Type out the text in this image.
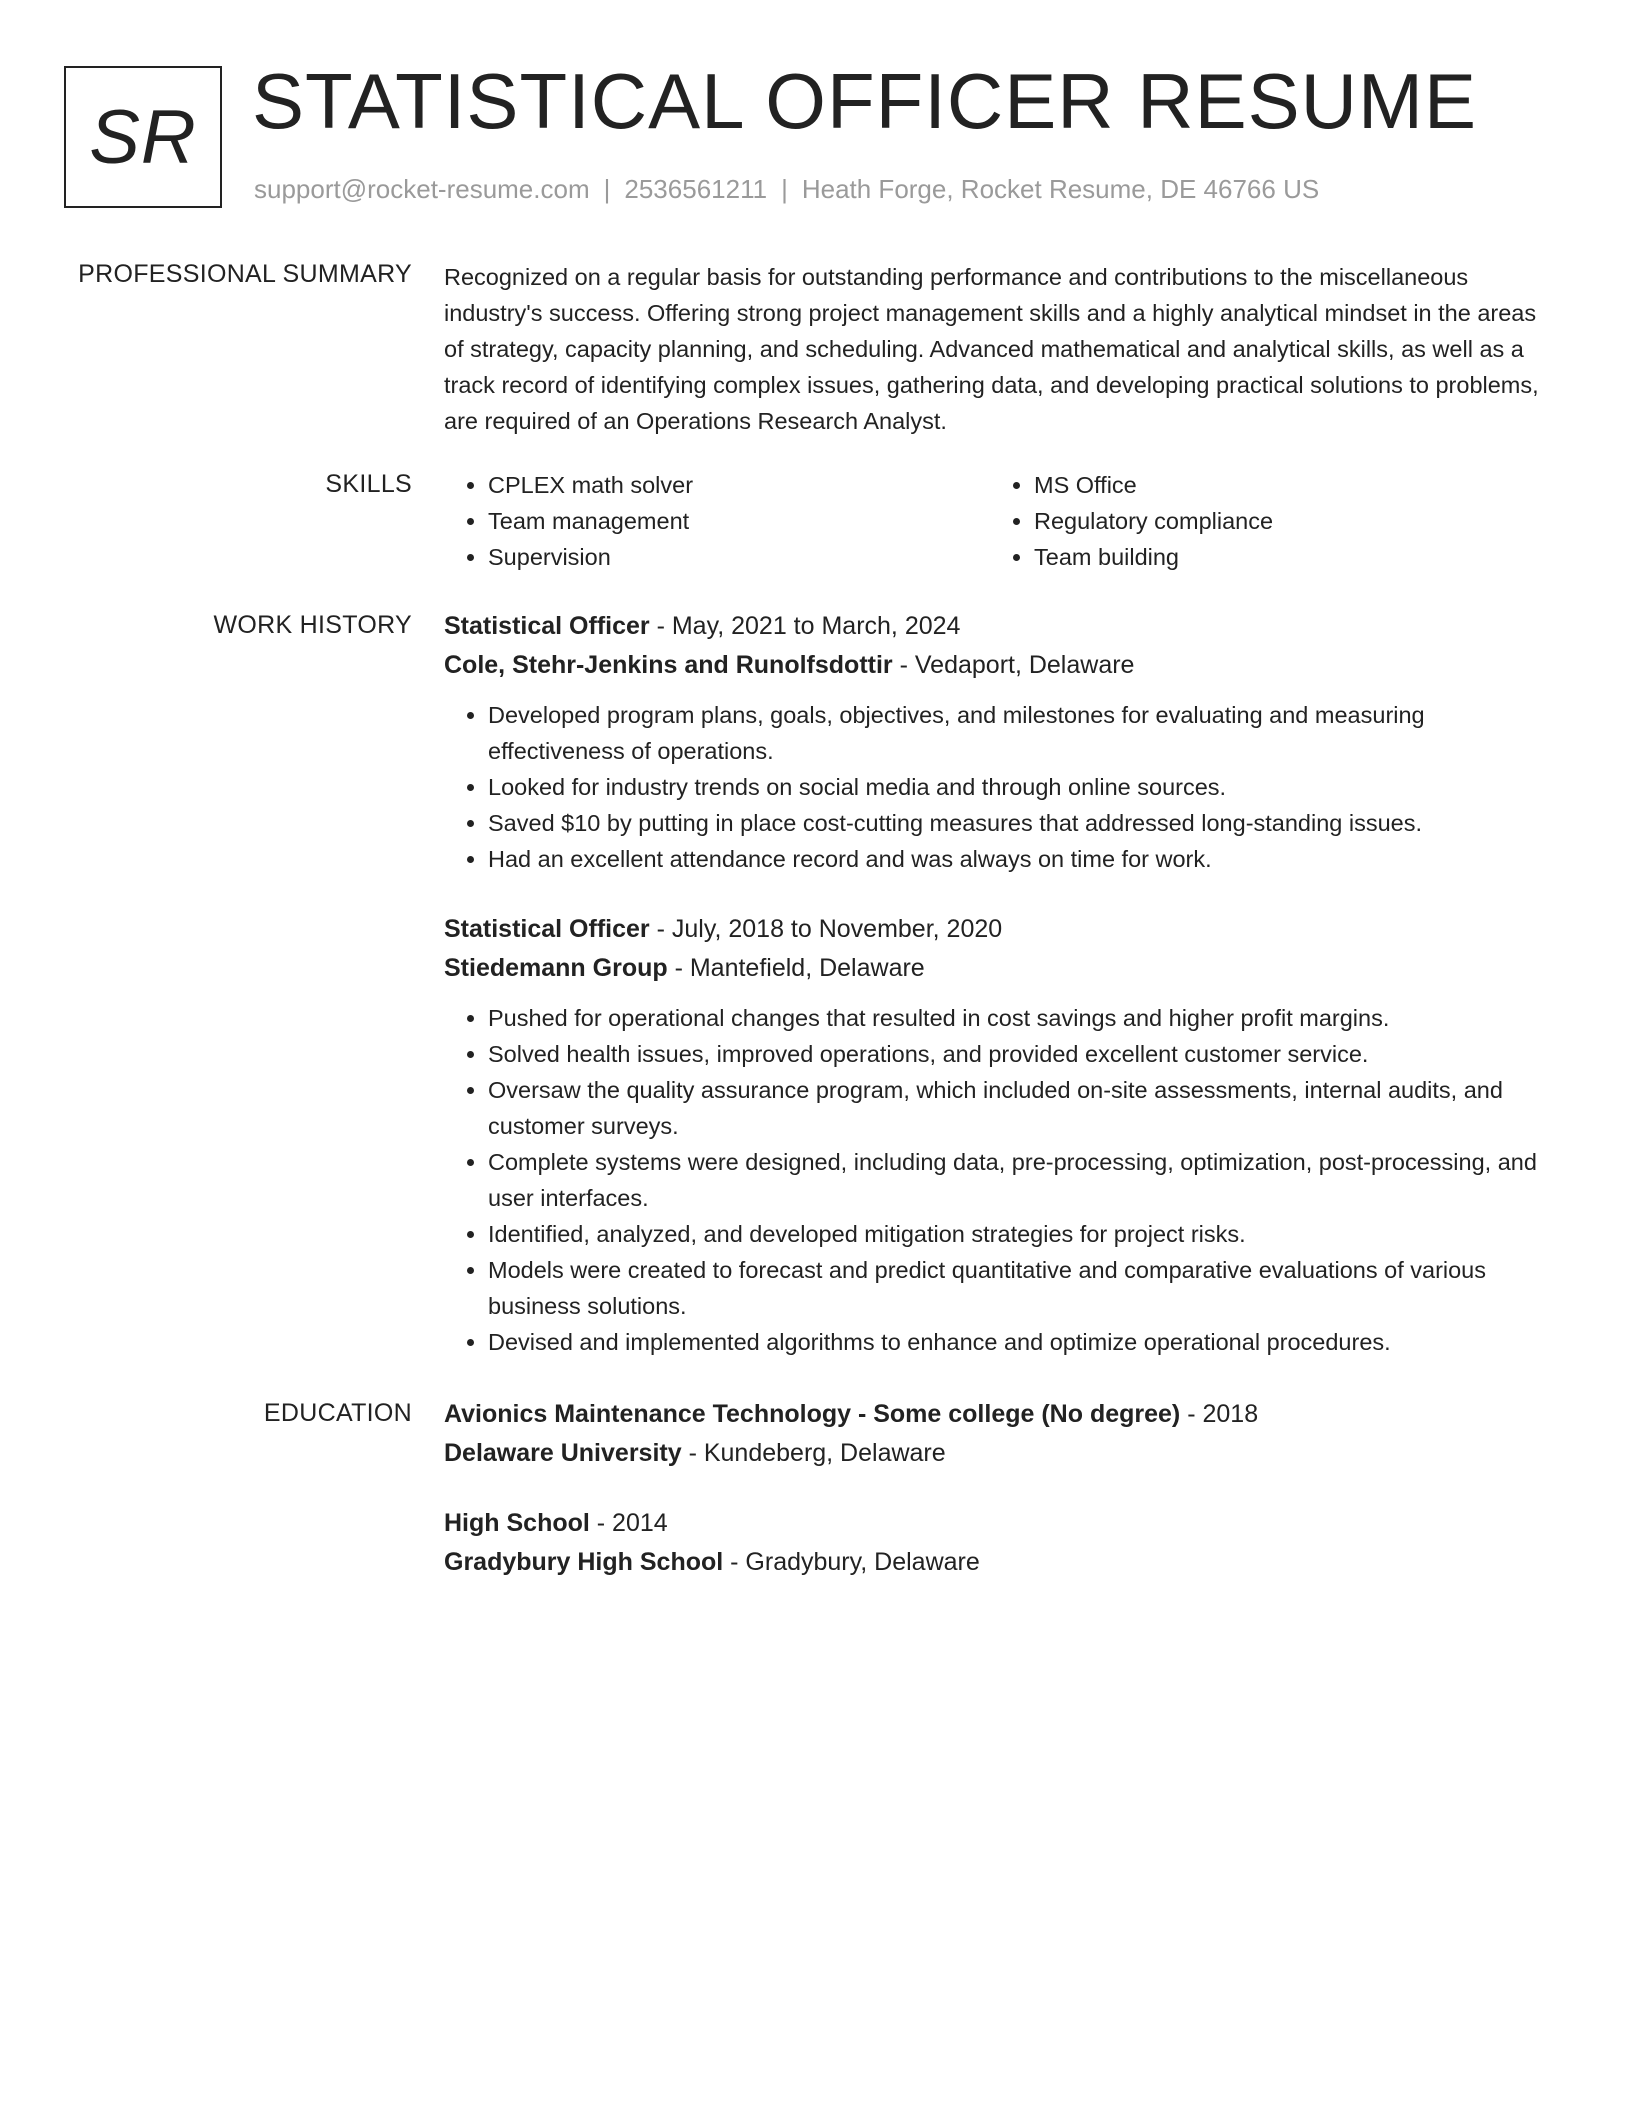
SR STATISTICAL OFFICER RESUME
support@rocket-resume.com | 2536561211 | Heath Forge, Rocket Resume, DE 46766 US
PROFESSIONAL SUMMARY Recognized on a regular basis for outstanding performance and contributions to the miscellaneous industry's success. Offering strong project management skills and a highly analytical mindset in the areas of strategy, capacity planning, and scheduling. Advanced mathematical and analytical skills, as well as a track record of identifying complex issues, gathering data, and developing practical solutions to problems, are required of an Operations Research Analyst.

SKILLS
•	CPLEX math solver
• Team management
• Supervision
• MS Office
• Regulatory compliance
• Team building
WORK HISTORY Statistical Officer - May, 2021 to March, 2024
Cole, Stehr-Jenkins and Runolfsdottir - Vedaport, Delaware
• Developed program plans, goals, objectives, and milestones for evaluating and measuring effectiveness of operations.
• Looked for industry trends on social media and through online sources.
• Saved $10 by putting in place cost-cutting measures that addressed long-standing issues.
• Had an excellent attendance record and was always on time for work.
Statistical Officer - July, 2018 to November, 2020
Stiedemann Group - Mantefield, Delaware
• Pushed for operational changes that resulted in cost savings and higher profit margins.
• Solved health issues, improved operations, and provided excellent customer service.
• Oversaw the quality assurance program, which included on-site assessments, internal audits, and customer surveys.
• Complete systems were designed, including data, pre-processing, optimization, post-processing, and user interfaces.
• Identified, analyzed, and developed mitigation strategies for project risks.
• Models were created to forecast and predict quantitative and comparative evaluations of various business solutions.
• Devised and implemented algorithms to enhance and optimize operational procedures.
EDUCATION Avionics Maintenance Technology - Some college (No degree) - 2018
Delaware University - Kundeberg, Delaware
High School - 2014
Gradybury High School - Gradybury, Delaware
